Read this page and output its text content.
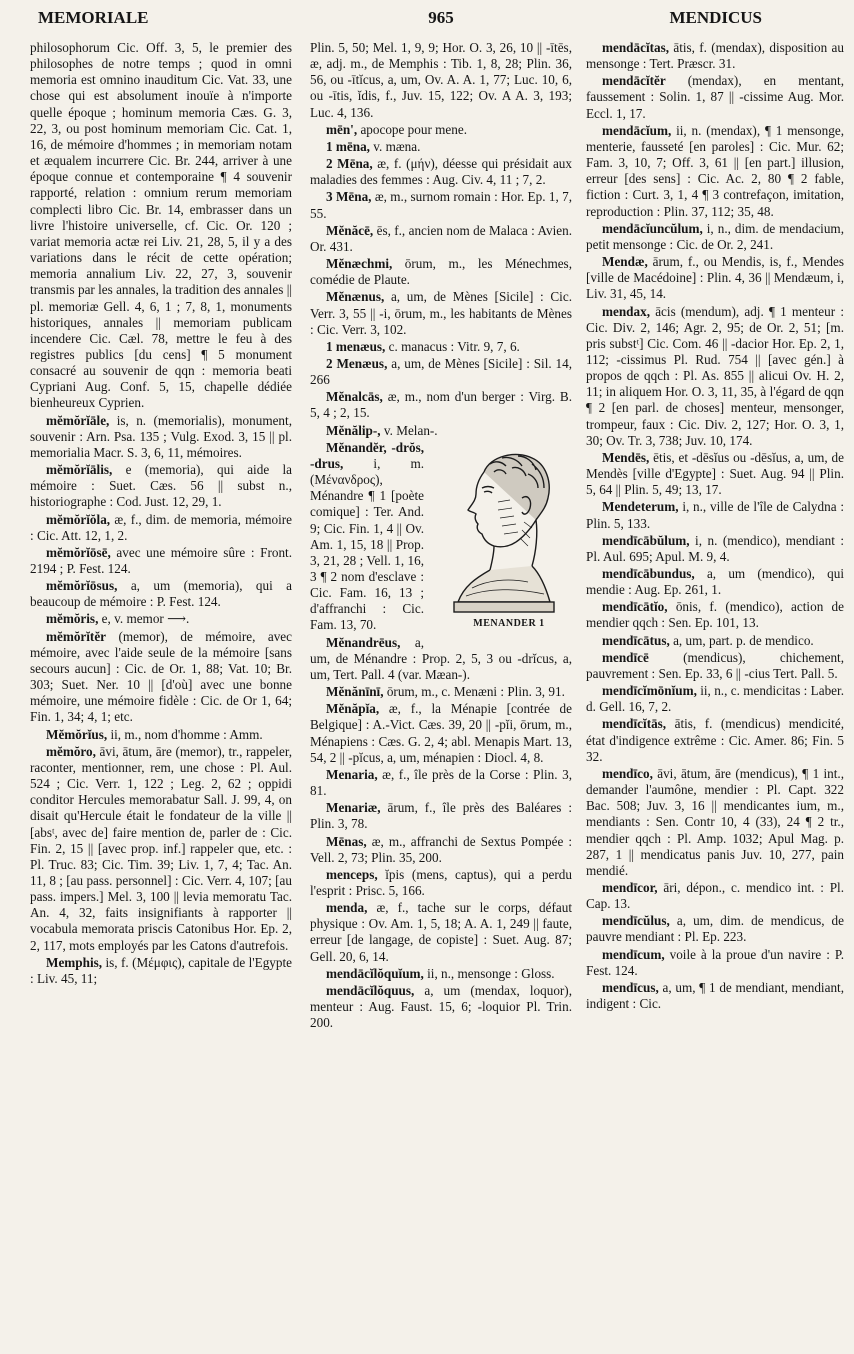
MEMORIALE	965	MENDICUS

philosophorum Cic. Off. 3, 5, le premier des philosophes de notre temps ; quod in omni memoria est omnino inauditum Cic. Vat. 33, une chose qui est absolument inouïe à n'importe quelle époque ; hominum memoria Cæs. G. 3, 22, 3, ou post hominum memoriam Cic. Cat. 1, 16, de mémoire d'hommes ; in memoriam notam et æqualem incurrere Cic. Br. 244, arriver à une époque connue et contemporaine ¶ 4 souvenir rapporté, relation : omnium rerum memoriam complecti libro Cic. Br. 14, embrasser dans un livre l'histoire universelle, cf. Cic. Or. 120 ; variat memoria actæ rei Liv. 21, 28, 5, il y a des variations dans le récit de cette opération; memoria annalium Liv. 22, 27, 3, souvenir transmis par les annales, la tradition des annales || pl. memoriæ Gell. 4, 6, 1 ; 7, 8, 1, monuments historiques, annales || memoriam publicam incendere Cic. Cæl. 78, mettre le feu à des registres publics [du cens] ¶ 5 monument consacré au souvenir de qqn : memoria beati Cypriani Aug. Conf. 5, 15, chapelle dédiée bienheureux Cyprien.

mĕmŏrĭāle, is, n. (memorialis), monument, souvenir : Arn. Psa. 135 ; Vulg. Exod. 3, 15 || pl. memorialia Macr. S. 3, 6, 11, mémoires.

mĕmŏrĭālis, e (memoria), qui aide la mémoire : Suet. Cæs. 56 || subst n., historiographe : Cod. Just. 12, 29, 1.

mĕmŏrĭŏla, æ, f., dim. de memoria, mémoire : Cic. Att. 12, 1, 2.

mĕmŏrĭōsē, avec une mémoire sûre : Front. 2194 ; P. Fest. 124.

mĕmŏrĭōsus, a, um (memoria), qui a beaucoup de mémoire : P. Fest. 124.

mĕmŏris, e, v. memor ⟶.

mĕmŏrĭtĕr (memor), de mémoire, avec mémoire, avec l'aide seule de la mémoire [sans secours aucun] : Cic. de Or. 1, 88; Vat. 10; Br. 303; Suet. Ner. 10 || [d'où] avec une bonne mémoire, une mémoire fidèle : Cic. de Or 1, 64; Fin. 1, 34; 4, 1; etc.

Mĕmŏrĭus, ii, m., nom d'homme : Amm.

mĕmŏro, āvi, ātum, āre (memor), tr., rappeler, raconter, mentionner, rem, une chose : Pl. Aul. 524 ; Cic. Verr. 1, 122 ; Leg. 2, 62 ; oppidi conditor Hercules memorabatur Sall. J. 99, 4, on disait qu'Hercule était le fondateur de la ville || [absᵗ, avec de] faire mention de, parler de : Cic. Fin. 2, 15 || [avec prop. inf.] rappeler que, etc. : Pl. Truc. 83; Cic. Tim. 39; Liv. 1, 7, 4; Tac. An. 11, 8 ; [au pass. personnel] : Cic. Verr. 4, 107; [au pass. impers.] Mel. 3, 100 || levia memoratu Tac. An. 4, 32, faits insignifiants à rapporter || vocabula memorata priscis Catonibus Hor. Ep. 2, 2, 117, mots employés par les Catons d'autrefois.

Memphis, is, f. (Μέμφις), capitale de l'Egypte : Liv. 45, 11;

Plin. 5, 50; Mel. 1, 9, 9; Hor. O. 3, 26, 10 || -ītēs, æ, adj. m., de Memphis : Tib. 1, 8, 28; Plin. 36, 56, ou -ītĭcus, a, um, Ov. A. A. 1, 77; Luc. 10, 6, ou -ītis, ĭdis, f., Juv. 15, 122; Ov. A A. 3, 193; Luc. 4, 136.

mēn', apocope pour mene.

1 mēna, v. mæna.

2 Mēna, æ, f. (μήν), déesse qui présidait aux maladies des femmes : Aug. Civ. 4, 11 ; 7, 2.

3 Mēna, æ, m., surnom romain : Hor. Ep. 1, 7, 55.

Mĕnăcē, ēs, f., ancien nom de Malaca : Avien. Or. 431.

Mĕnæchmi, ōrum, m., les Ménechmes, comédie de Plaute.

Mĕnænus, a, um, de Mènes [Sicile] : Cic. Verr. 3, 55 || -i, ōrum, m., les habitants de Mènes : Cic. Verr. 3, 102.

1 menæus, c. manacus : Vitr. 9, 7, 6.

2 Menæus, a, um, de Mènes [Sicile] : Sil. 14, 266

Mĕnalcās, æ, m., nom d'un berger : Virg. B. 5, 4 ; 2, 15.

Mĕnălip-, v. Melan-.

MENANDER 1
Mĕnandĕr, -drŏs, -drus, i, m. (Μένανδρος), Ménandre ¶ 1 [poète comique] : Ter. And. 9; Cic. Fin. 1, 4 || Ov. Am. 1, 15, 18 || Prop. 3, 21, 28 ; Vell. 1, 16, 3 ¶ 2 nom d'esclave : Cic. Fam. 16, 13 ; d'affranchi : Cic. Fam. 13, 70.

Mĕnandrēus, a, um, de Ménandre : Prop. 2, 5, 3 ou -drĭcus, a, um, Tert. Pall. 4 (var. Mæan-).

Mĕnănīnī, ōrum, m., c. Menæni : Plin. 3, 91.

Mĕnăpĭa, æ, f., la Ménapie [contrée de Belgique] : A.-Vict. Cæs. 39, 20 || -pĭi, ōrum, m., Ménapiens : Cæs. G. 2, 4; abl. Menapis Mart. 13, 54, 2 || -pĭcus, a, um, ménapien : Diocl. 4, 8.

Menaria, æ, f., île près de la Corse : Plin. 3, 81.

Menariæ, ārum, f., île près des Baléares : Plin. 3, 78.

Mēnas, æ, m., affranchi de Sextus Pompée : Vell. 2, 73; Plin. 35, 200.

menceps, ĭpis (mens, captus), qui a perdu l'esprit : Prisc. 5, 166.

menda, æ, f., tache sur le corps, défaut physique : Ov. Am. 1, 5, 18; A. A. 1, 249 || faute, erreur [de langage, de copiste] : Suet. Aug. 87; Gell. 20, 6, 14.

mendācĭlŏquĭum, ii, n., mensonge : Gloss.

mendācĭlŏquus, a, um (mendax, loquor), menteur : Aug. Faust. 15, 6; -loquior Pl. Trin. 200.

mendācĭtas, ātis, f. (mendax), disposition au mensonge : Tert. Præscr. 31.

mendācĭtĕr (mendax), en mentant, faussement : Solin. 1, 87 || -cissime Aug. Mor. Eccl. 1, 17.

mendācĭum, ii, n. (mendax), ¶ 1 mensonge, menterie, fausseté [en paroles] : Cic. Mur. 62; Fam. 3, 10, 7; Off. 3, 61 || [en part.] illusion, erreur [des sens] : Cic. Ac. 2, 80 ¶ 2 fable, fiction : Curt. 3, 1, 4 ¶ 3 contrefaçon, imitation, reproduction : Plin. 37, 112; 35, 48.

mendācĭuncŭlum, i, n., dim. de mendacium, petit mensonge : Cic. de Or. 2, 241.

Mendæ, ārum, f., ou Mendis, is, f., Mendes [ville de Macédoine] : Plin. 4, 36 || Mendæum, i, Liv. 31, 45, 14.

mendax, ācis (mendum), adj. ¶ 1 menteur : Cic. Div. 2, 146; Agr. 2, 95; de Or. 2, 51; [m. pris substᵗ] Cic. Com. 46 || -dacior Hor. Ep. 2, 1, 112; -cissimus Pl. Rud. 754 || [avec gén.] à propos de qqch : Pl. As. 855 || alicui Ov. H. 2, 11; in aliquem Hor. O. 3, 11, 35, à l'égard de qqn ¶ 2 [en parl. de choses] menteur, mensonger, trompeur, faux : Cic. Div. 2, 127; Hor. O. 3, 1, 30; Ov. Tr. 3, 738; Juv. 10, 174.

Mendēs, ētis, et -dēsĭus ou -dēsĭus, a, um, de Mendès [ville d'Egypte] : Suet. Aug. 94 || Plin. 5, 64 || Plin. 5, 49; 13, 17.

Mendeterum, i, n., ville de l'île de Calydna : Plin. 5, 133.

mendīcābŭlum, i, n. (mendico), mendiant : Pl. Aul. 695; Apul. M. 9, 4.

mendīcābundus, a, um (mendico), qui mendie : Aug. Ep. 261, 1.

mendīcātĭo, ōnis, f. (mendico), action de mendier qqch : Sen. Ep. 101, 13.

mendīcātus, a, um, part. p. de mendico.

mendīcē (mendicus), chichement, pauvrement : Sen. Ep. 33, 6 || -cius Tert. Pall. 5.

mendīcĭmōnĭum, ii, n., c. mendicitas : Laber. d. Gell. 16, 7, 2.

mendīcĭtās, ātis, f. (mendicus) mendicité, état d'indigence extrême : Cic. Amer. 86; Fin. 5 32.

mendīco, āvi, ātum, āre (mendicus), ¶ 1 int., demander l'aumône, mendier : Pl. Capt. 322 Bac. 508; Juv. 3, 16 || mendicantes ium, m., mendiants : Sen. Contr 10, 4 (33), 24 ¶ 2 tr., mendier qqch : Pl. Amp. 1032; Apul Mag. p. 287, 1 || mendicatus panis Juv. 10, 277, pain mendié.

mendīcor, āri, dépon., c. mendico int. : Pl. Cap. 13.

mendīcŭlus, a, um, dim. de mendicus, de pauvre mendiant : Pl. Ep. 223.

mendīcum, voile à la proue d'un navire : P. Fest. 124.

mendīcus, a, um, ¶ 1 de mendiant, mendiant, indigent : Cic.
